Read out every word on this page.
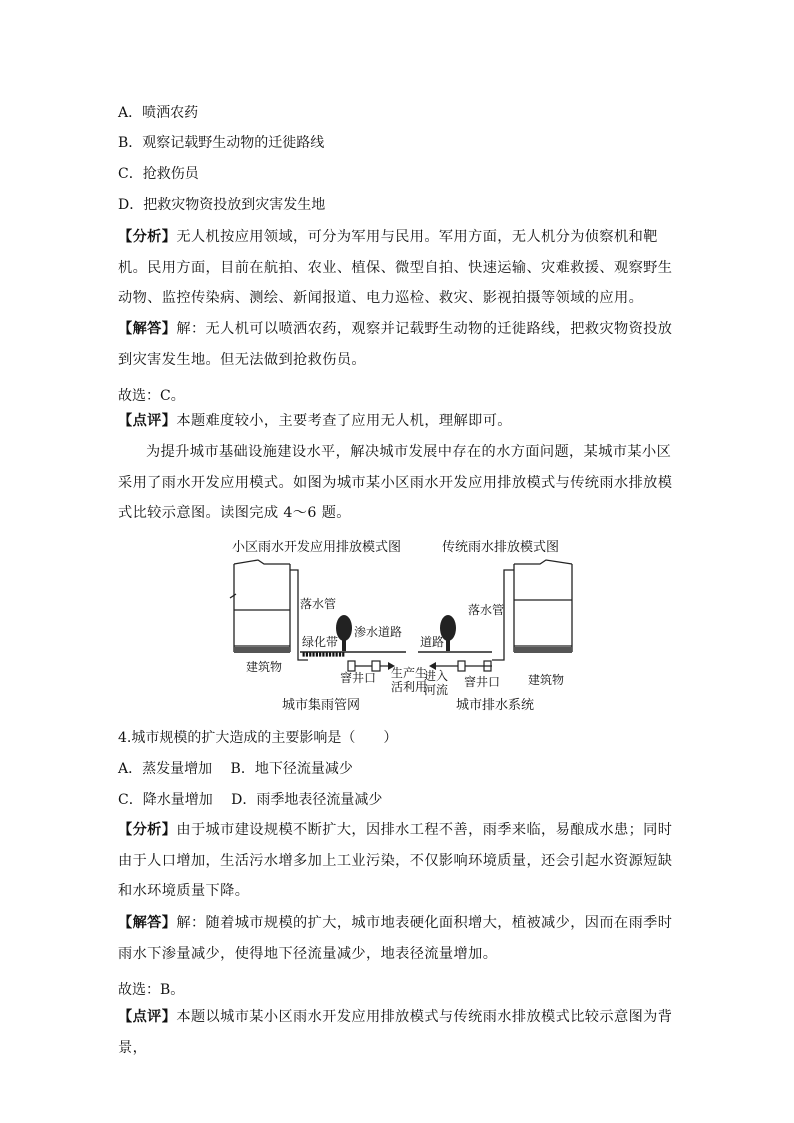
A．喷洒农药
B．观察记载野生动物的迁徙路线
C．抢救伤员
D．把救灾物资投放到灾害发生地
【分析】无人机按应用领域，可分为军用与民用。军用方面，无人机分为侦察机和靶机。民用方面，目前在航拍、农业、植保、微型自拍、快速运输、灾难救援、观察野生动物、监控传染病、测绘、新闻报道、电力巡检、救灾、影视拍摄等领域的应用。
【解答】解：无人机可以喷洒农药，观察并记载野生动物的迁徙路线，把救灾物资投放到灾害发生地。但无法做到抢救伤员。
故选：C。
【点评】本题难度较小，主要考查了应用无人机，理解即可。
为提升城市基础设施建设水平，解决城市发展中存在的水方面问题，某城市某小区采用了雨水开发应用模式。如图为城市某小区雨水开发应用排放模式与传统雨水排放模式比较示意图。读图完成 4～6 题。
小区雨水开发应用排放模式图	传统雨水排放模式图
落水管
建筑物
渗水道路
绿化带
▮▮▮▮▮▮▮▮▮▮▮▮▮
窨井口 生产生
活利用
城市集雨管网
道路
进入
河流
窨井口
落水管
建筑物
城市排水系统
4.城市规模的扩大造成的主要影响是（　　）
A．蒸发量增加　 B．地下径流量减少
C．降水量增加　 D．雨季地表径流量减少
【分析】由于城市建设规模不断扩大，因排水工程不善，雨季来临，易酿成水患；同时由于人口增加，生活污水增多加上工业污染，不仅影响环境质量，还会引起水资源短缺和水环境质量下降。
【解答】解：随着城市规模的扩大，城市地表硬化面积增大，植被减少，因而在雨季时雨水下渗量减少，使得地下径流量减少，地表径流量增加。
故选：B。
【点评】本题以城市某小区雨水开发应用排放模式与传统雨水排放模式比较示意图为背景，
